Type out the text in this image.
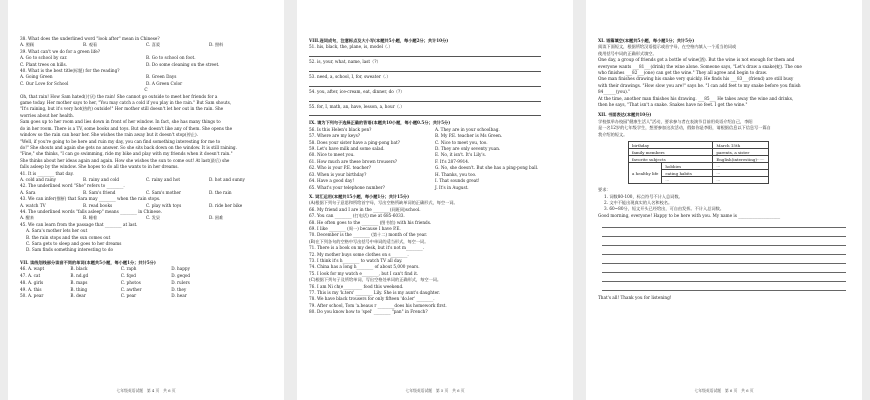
38. What does the underlined word "look after" mean in Chinese?
A. 照顾	B. 观看	C. 喜爱	D. 照料
39. What can't we do for a green life?
A. Go to school by car.	B. Go to school on foot.
C. Plant trees on hills.	D. Do some cleaning on the street.
40. What is the best title(标题) for the reading?
A. Going Green	B. Green Days
C. Our Love for School	D. A Green Color
C
Oh, that rain! How Sam hated(讨厌) the rain! She cannot go outside to meet her friends for a
game today. Her mother says to her, "You may catch a cold if you play in the rain." But Sam shouts,
"It's raining, but it's very hot(热的) outside!" Her mother still doesn't let her out in the rain. She
worries about her health.
Sam goes up to her room and lies down in front of her window. In fact, she has many things to
do in her room. There is a TV, some books and toys. But she doesn't like any of them. She opens the
window so the rain can hear her. She wishes the rain away but it doesn't stop(停止).
"Well, if you're going to be here and ruin my day, you can find something interesting for me to
do!" She shouts and again she gets no answer. So she sits back down on the window. It is still raining.
"Fine," she thinks, "I can go swimming, ride my bike and play with my friends when it doesn't rain."
She thinks about her ideas again and again. How she wishes the sun to come out! At last(最后) she
falls asleep by the window. She hopes to do all the wants to in her dreams.
41. It is ________ that day.
A. cold and rainy	B. rainy and cold	C. rainy and hot	D. hot and sunny
42. The underlined word "She" refers to ________.
A. Sara	B. Sam's friend	C. Sam's mother	D. the rain
43. We can infer(推断) that Sara may ________ when the rain stops.
A. watch TV	B. read books	C. play with toys	D. ride her bike
44. The underlined words "falls asleep" means ________ in Chinese.
A. 醒来	B. 睡着	C. 发呆	D. 困难
45. We can learn from the passage that ________ at last.
A. Sara's mother lets her out
B. the rain stops and the sun comes out
C. Sara gets to sleep and goes to her dreams
D. Sam finds something interesting to do
VII. 读线划线部分读音不同的单词(本题共5小题，每小题1分；共计5分)
46. A. wapt	B. black	C. raph	D. happy
47. A. cat	B. nd.gd	C. fqod	D. geqod
48. A. girls	B. maps	C. photos	D. rulers
49. A. this	B. thing	C. awther	D. they
50. A. pear	B. dear	C. pear	D. hear
七年级英语试题　第 4 页　共 6 页
VIII.连词成句，注意标点及大小写(本题共5小题，每小题2分；共计10分)
51. his, black, the, plane, is, model（.）
52. is, your, what, name, last（?）
53. need, a, school, I, for, sweater（.）
54. you, after, ice-cream, eat, dinner, do（?）
55. for, I, math, an, have, lesson, a, hour（.）
IX. 请为下列句子选择正确的答语(本题共10小题，每小题0.5分；共计5分)
56. Is this Helen's black pen?	A. They are in your schoolbag.
57. Where are my keys?	B. My P.E. teacher is Ms Green.
58. Does your sister have a ping-pong bat?	C. Nice to meet you, too.
59. Let's have milk and some salad.	D. They are only seventy yuan.
60. Nice to meet you.	E. No, it isn't. It's Lily's.
61. How much are these brown trousers?	F. It's 287-9914.
62. Who is your P.E. teacher?	G. No, she doesn't. But she has a ping-pong ball.
63. When is your birthday?	H. Thanks, you too.
64. Have a good day!	I. That sounds great!
65. What's your telephone number?	J. It's in August.
X. 词汇运用(本题共15小题，每小题1分；共计15分)
(A)根据下列句子意思和所给首字母，写出空格所缺单词的正确形式，每空一词。
66. My friend and I are in the ________(同班同)school.
67. You can ________ (打电话) me at 685-6033.
68. He often goes to the ________ (图书馆) with his friends.
69. I like ________ (周一) because I have P.E.
70. December is the ________ (第十二) month of the year.
(B)在下列各句的空格中写出括号中单词的适当形式，每空一词。
71. There is a book on my desk, but it's not m________.
72. My mother buys some clothes on s________.
73. I think it's h________ to watch TV all day.
74. China has a long h________ of about 5,000 years.
75. I look for my watch e________, but I can't find it.
(C)根据下列句子及所给单词，写出空格处单词的正确形式，每空一词。
76. I am Ni ch(e_________ food this weekend.
77. This is my 'k.ters' ________ Lily. She is my aunt's daughter.
78. We have black trousers for only fifteen 'do.ler' ________.
79. After school, Tom 'a.beaus r ________does his homework first.
80. Do you know how to 'spel' ________ "pan" in French?
七年级英语试题　第 5 页　共 6 页
XI. 语篇填空(本题共5小题，每小题1分；共计5分)
阅读下面短文，根据所给汉语提示或首字母，在空格内填入一个适当的词或
使用括号中词的正确形式填空。
One day, a group of friends got a bottle of wine(酒). But the wine is not enough for them and
everyone wants ___81___(drink) the wine alone. Someone says, "Let's draw a snake(蛇). The one
who finishes ___82___(one) can get the wine." They all agree and begin to draw.
One man finishes drawing his snake very quickly. He finds his ___83___(friend) are still busy
with their drawings. "How slow you are!" says he. "I can add feet to my snake before you finish
84______(you)."
At the time, another man finishes his drawing. ___85___ He takes away the wine and drinks,
then he says, "That isn't a snake. Snakes have no feet. I get the wine."
XII. 书面表达(本题共10分)
学校拟举办校园"健康生活人"活动，要求参与者在表演节目前用英语介绍自己，李阳
是一名12岁的七年级学生，想要参加这次活动，假如你是李阳，请根据信息以下信息写一篇自
我介绍的短文。
birthday		March 15th
family members		parents, a sister
favorite subjects		English(interesting)······
a healthy life	hobbies	···
	eating habits	···
	···	···
要求：
1. 词数80-100，标点符号不计入总词数。
2. 文中不能出现真实的人名和校名。
3. 60~80分，短文开头已经给出，可自由发挥。不计入总词数。
Good morning, everyone! Happy to be here with you. My name is ____________________
That's all! Thank you for listening!
七年级英语试题　第 6 页　共 6 页
